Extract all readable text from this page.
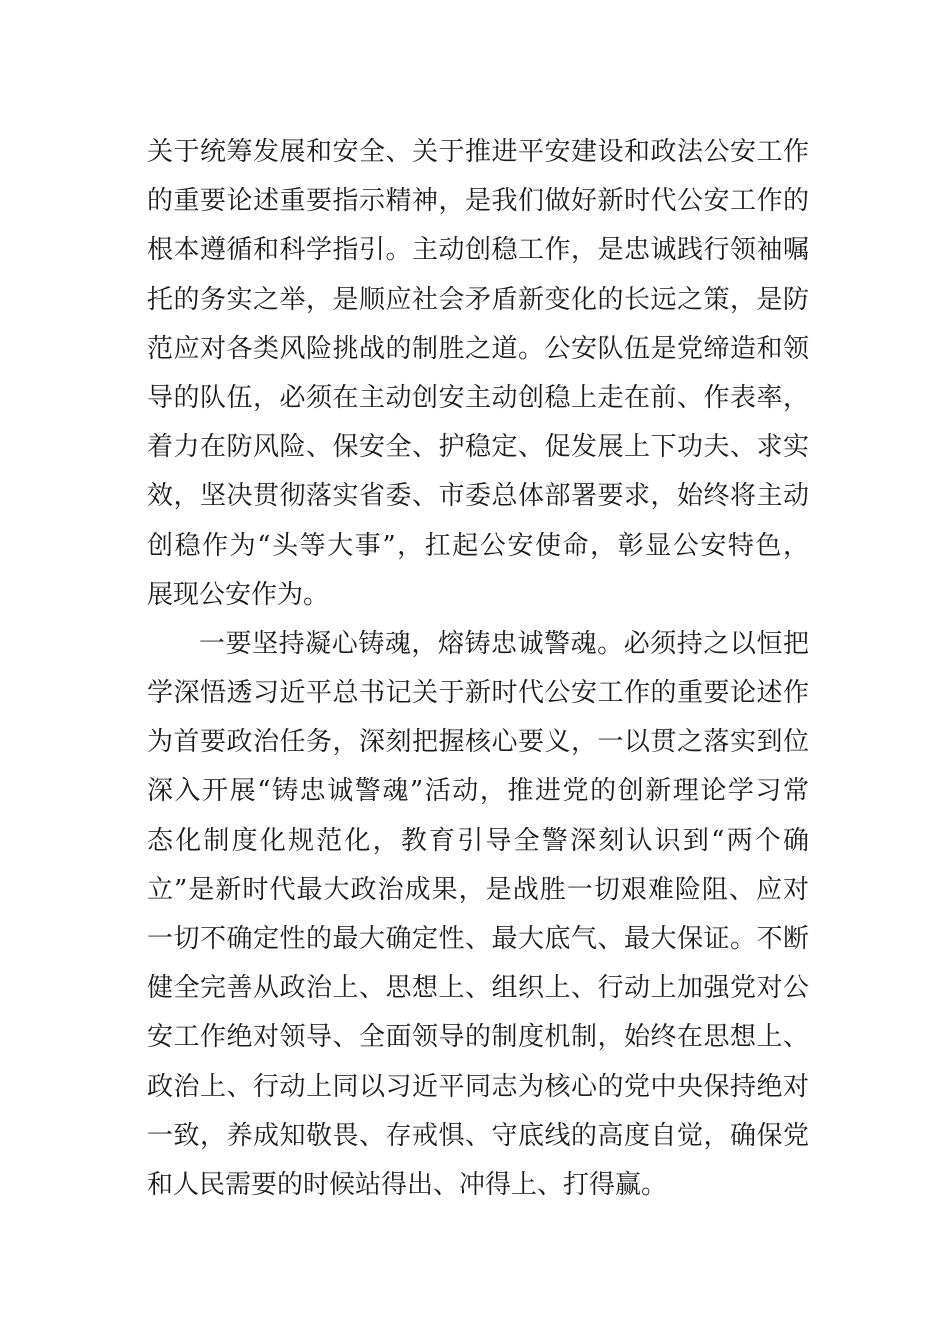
关于统筹发展和安全、关于推进平安建设和政法公安工作
的重要论述重要指示精神，是我们做好新时代公安工作的
根本遵循和科学指引。主动创稳工作，是忠诚践行领袖嘱
托的务实之举，是顺应社会矛盾新变化的长远之策，是防
范应对各类风险挑战的制胜之道。公安队伍是党缔造和领
导的队伍，必须在主动创安主动创稳上走在前、作表率，
着力在防风险、保安全、护稳定、促发展上下功夫、求实
效，坚决贯彻落实省委、市委总体部署要求，始终将主动
创稳作为“头等大事”，扛起公安使命，彰显公安特色，
展现公安作为。
一要坚持凝心铸魂，熔铸忠诚警魂。必须持之以恒把
学深悟透习近平总书记关于新时代公安工作的重要论述作
为首要政治任务，深刻把握核心要义，一以贯之落实到位
深入开展“铸忠诚警魂”活动，推进党的创新理论学习常
态化制度化规范化，教育引导全警深刻认识到“两个确
立”是新时代最大政治成果，是战胜一切艰难险阻、应对
一切不确定性的最大确定性、最大底气、最大保证。不断
健全完善从政治上、思想上、组织上、行动上加强党对公
安工作绝对领导、全面领导的制度机制，始终在思想上、
政治上、行动上同以习近平同志为核心的党中央保持绝对
一致，养成知敬畏、存戒惧、守底线的高度自觉，确保党
和人民需要的时候站得出、冲得上、打得赢。
